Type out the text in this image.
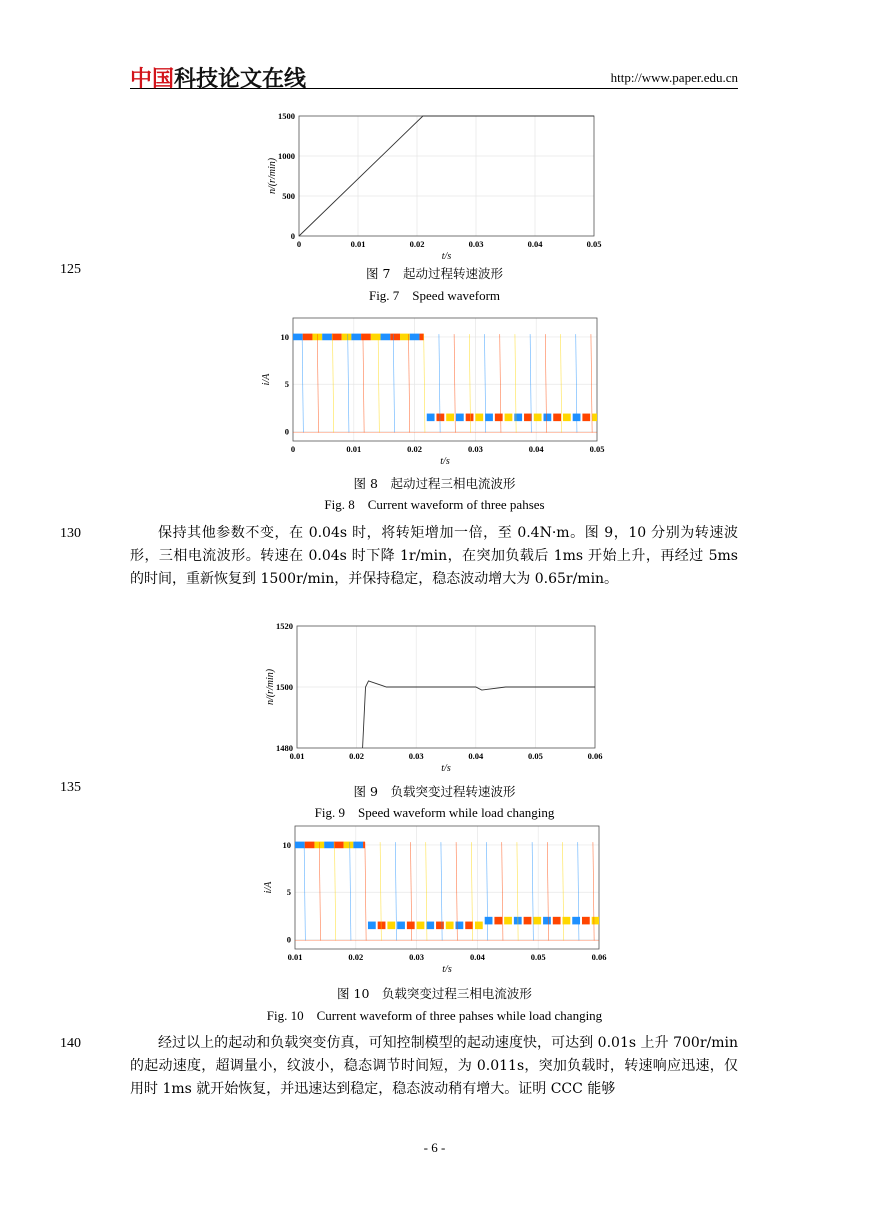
中国科技论文在线	http://www.paper.edu.cn
125
130
135
140
0	0.01	0.02	0.03	0.04	0.05
0
500
1000
1500
t/s
n/(r/min)
图 7　起动过程转速波形
Fig. 7　Speed waveform
0	0.01	0.02	0.03	0.04	0.05
0
5
10
t/s
i/A
图 8　起动过程三相电流波形
Fig. 8　Current waveform of three pahses

保持其他参数不变，在 0.04s 时，将转矩增加一倍，至 0.4N·m。图 9，10 分别为转速波形，三相电流波形。转速在 0.04s 时下降 1r/min，在突加负载后 1ms 开始上升，再经过 5ms 的时间，重新恢复到 1500r/min，并保持稳定，稳态波动增大为 0.65r/min。

0.01	0.02	0.03	0.04	0.05	0.06
1480
1500
1520
t/s
n/(r/min)
图 9　负载突变过程转速波形
Fig. 9　Speed waveform while load changing
0.01	0.02	0.03	0.04	0.05	0.06
0
5
10
t/s
i/A
图 10　负载突变过程三相电流波形
Fig. 10　Current waveform of three pahses while load changing

经过以上的起动和负载突变仿真，可知控制模型的起动速度快，可达到 0.01s 上升 700r/min 的起动速度，超调量小，纹波小，稳态调节时间短，为 0.011s，突加负载时，转速响应迅速，仅用时 1ms 就开始恢复，并迅速达到稳定，稳态波动稍有增大。证明 CCC 能够

- 6 -
